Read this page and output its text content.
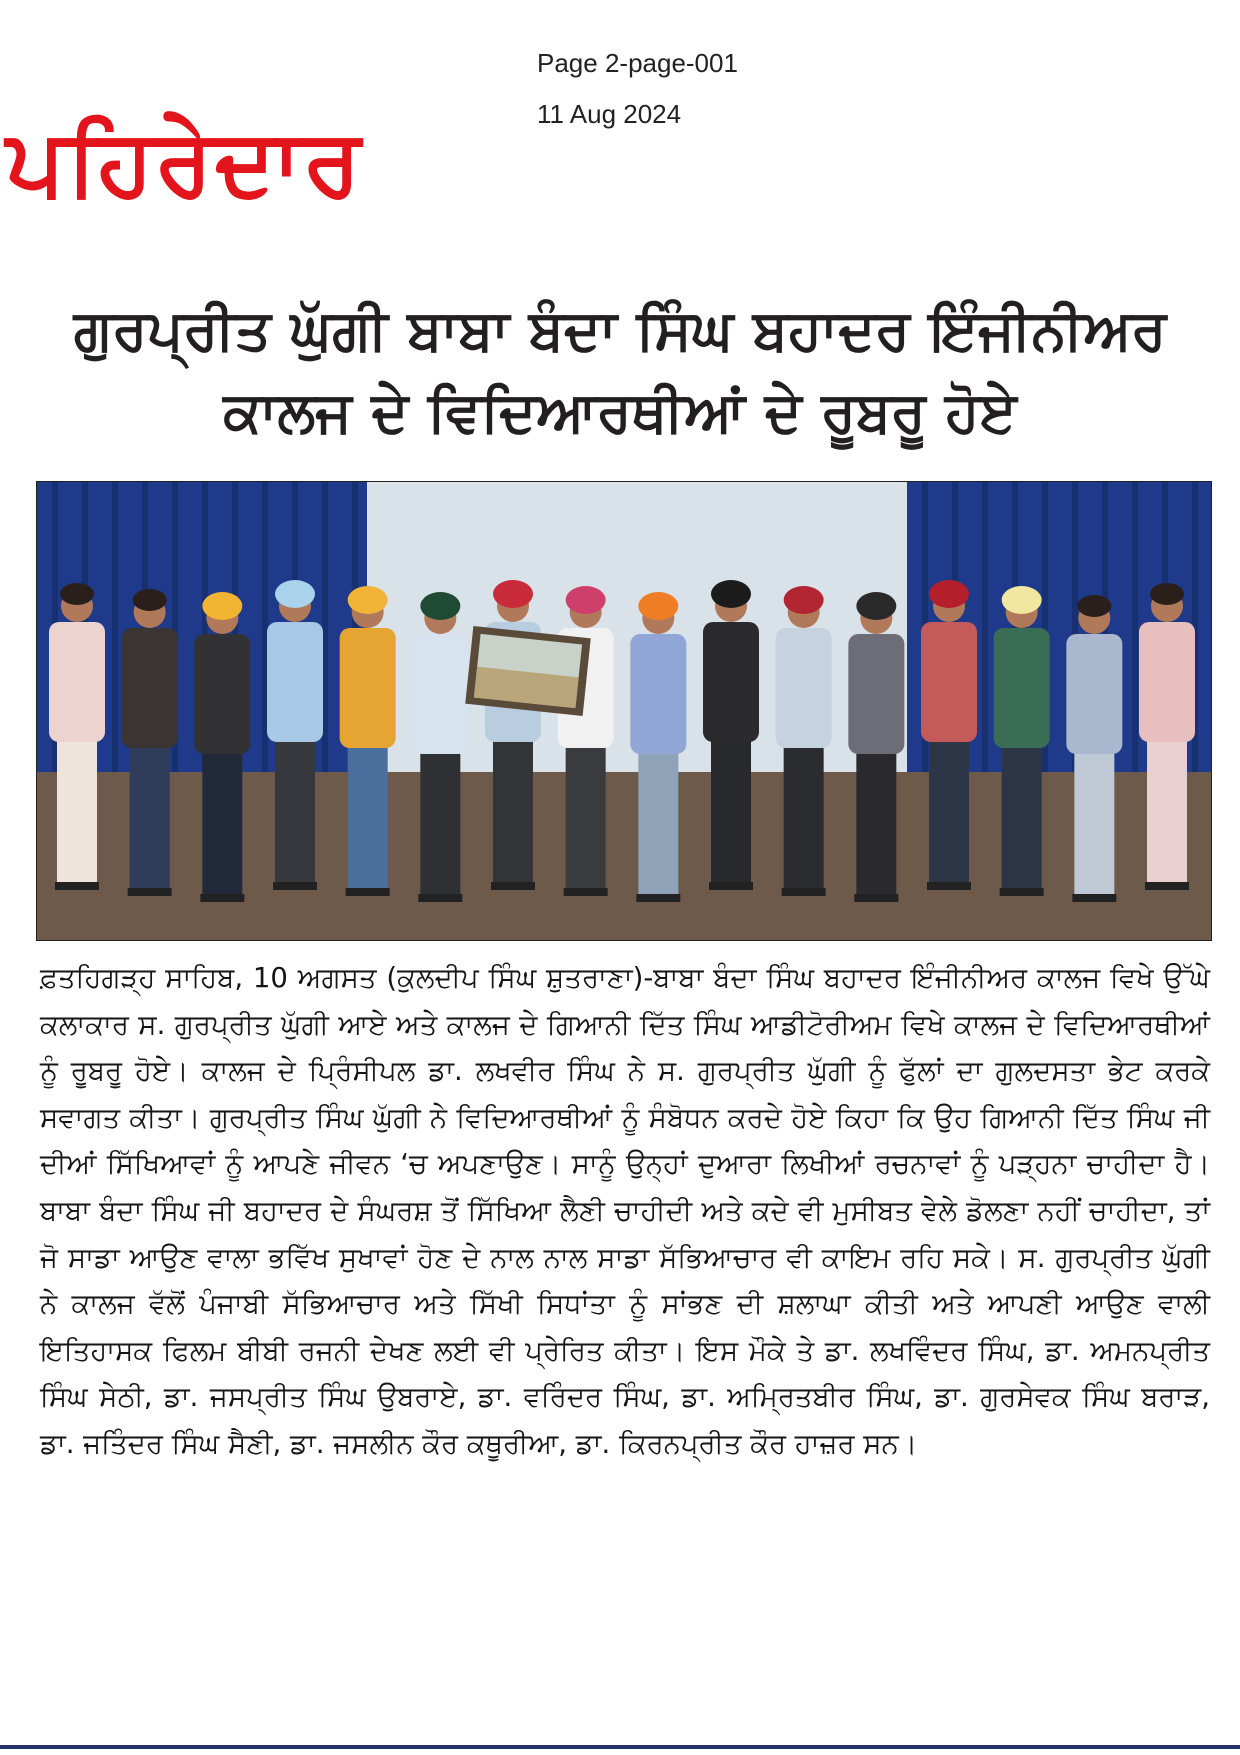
ਪਹਿਰੇਦਾਰ
Page 2-page-001
11 Aug 2024
ਗੁਰਪ੍ਰੀਤ ਘੁੱਗੀ ਬਾਬਾ ਬੰਦਾ ਸਿੰਘ ਬਹਾਦਰ ਇੰਜੀਨੀਅਰ
ਕਾਲਜ ਦੇ ਵਿਦਿਆਰਥੀਆਂ ਦੇ ਰੂਬਰੂ ਹੋਏ

ਫ਼ਤਹਿਗੜ੍ਹ ਸਾਹਿਬ, 10 ਅਗਸਤ (ਕੁਲਦੀਪ ਸਿੰਘ ਸ਼ੁਤਰਾਣਾ)-ਬਾਬਾ ਬੰਦਾ ਸਿੰਘ ਬਹਾਦਰ ਇੰਜੀਨੀਅਰ ਕਾਲਜ ਵਿਖੇ ਉੱਘੇ ਕਲਾਕਾਰ ਸ. ਗੁਰਪ੍ਰੀਤ ਘੁੱਗੀ ਆਏ ਅਤੇ ਕਾਲਜ ਦੇ ਗਿਆਨੀ ਦਿੱਤ ਸਿੰਘ ਆਡੀਟੋਰੀਅਮ ਵਿਖੇ ਕਾਲਜ ਦੇ ਵਿਦਿਆਰਥੀਆਂ ਨੂੰ ਰੂਬਰੂ ਹੋਏ। ਕਾਲਜ ਦੇ ਪ੍ਰਿੰਸੀਪਲ ਡਾ. ਲਖਵੀਰ ਸਿੰਘ ਨੇ ਸ. ਗੁਰਪ੍ਰੀਤ ਘੁੱਗੀ ਨੂੰ ਫੁੱਲਾਂ ਦਾ ਗੁਲਦਸਤਾ ਭੇਟ ਕਰਕੇ ਸਵਾਗਤ ਕੀਤਾ। ਗੁਰਪ੍ਰੀਤ ਸਿੰਘ ਘੁੱਗੀ ਨੇ ਵਿਦਿਆਰਥੀਆਂ ਨੂੰ ਸੰਬੋਧਨ ਕਰਦੇ ਹੋਏ ਕਿਹਾ ਕਿ ਉਹ ਗਿਆਨੀ ਦਿੱਤ ਸਿੰਘ ਜੀ ਦੀਆਂ ਸਿੱਖਿਆਵਾਂ ਨੂੰ ਆਪਣੇ ਜੀਵਨ ‘ਚ ਅਪਣਾਉਣ। ਸਾਨੂੰ ਉਨ੍ਹਾਂ ਦੁਆਰਾ ਲਿਖੀਆਂ ਰਚਨਾਵਾਂ ਨੂੰ ਪੜ੍ਹਨਾ ਚਾਹੀਦਾ ਹੈ। ਬਾਬਾ ਬੰਦਾ ਸਿੰਘ ਜੀ ਬਹਾਦਰ ਦੇ ਸੰਘਰਸ਼ ਤੋਂ ਸਿੱਖਿਆ ਲੈਣੀ ਚਾਹੀਦੀ ਅਤੇ ਕਦੇ ਵੀ ਮੁਸੀਬਤ ਵੇਲੇ ਡੋਲਣਾ ਨਹੀਂ ਚਾਹੀਦਾ, ਤਾਂ ਜੋ ਸਾਡਾ ਆਉਣ ਵਾਲਾ ਭਵਿੱਖ ਸੁਖਾਵਾਂ ਹੋਣ ਦੇ ਨਾਲ ਨਾਲ ਸਾਡਾ ਸੱਭਿਆਚਾਰ ਵੀ ਕਾਇਮ ਰਹਿ ਸਕੇ। ਸ. ਗੁਰਪ੍ਰੀਤ ਘੁੱਗੀ ਨੇ ਕਾਲਜ ਵੱਲੋਂ ਪੰਜਾਬੀ ਸੱਭਿਆਚਾਰ ਅਤੇ ਸਿੱਖੀ ਸਿਧਾਂਤਾ ਨੂੰ ਸਾਂਭਣ ਦੀ ਸ਼ਲਾਘਾ ਕੀਤੀ ਅਤੇ ਆਪਣੀ ਆਉਣ ਵਾਲੀ ਇਤਿਹਾਸਕ ਫਿਲਮ ਬੀਬੀ ਰਜਨੀ ਦੇਖਣ ਲਈ ਵੀ ਪ੍ਰੇਰਿਤ ਕੀਤਾ। ਇਸ ਮੌਕੇ ਤੇ ਡਾ. ਲਖਵਿੰਦਰ ਸਿੰਘ, ਡਾ. ਅਮਨਪ੍ਰੀਤ ਸਿੰਘ ਸੇਠੀ, ਡਾ. ਜਸਪ੍ਰੀਤ ਸਿੰਘ ਉਬਰਾਏ, ਡਾ. ਵਰਿੰਦਰ ਸਿੰਘ, ਡਾ. ਅਮ੍ਰਿਤਬੀਰ ਸਿੰਘ, ਡਾ. ਗੁਰਸੇਵਕ ਸਿੰਘ ਬਰਾੜ, ਡਾ. ਜਤਿੰਦਰ ਸਿੰਘ ਸੈਣੀ, ਡਾ. ਜਸਲੀਨ ਕੌਰ ਕਥੂਰੀਆ, ਡਾ. ਕਿਰਨਪ੍ਰੀਤ ਕੌਰ ਹਾਜ਼ਰ ਸਨ।
